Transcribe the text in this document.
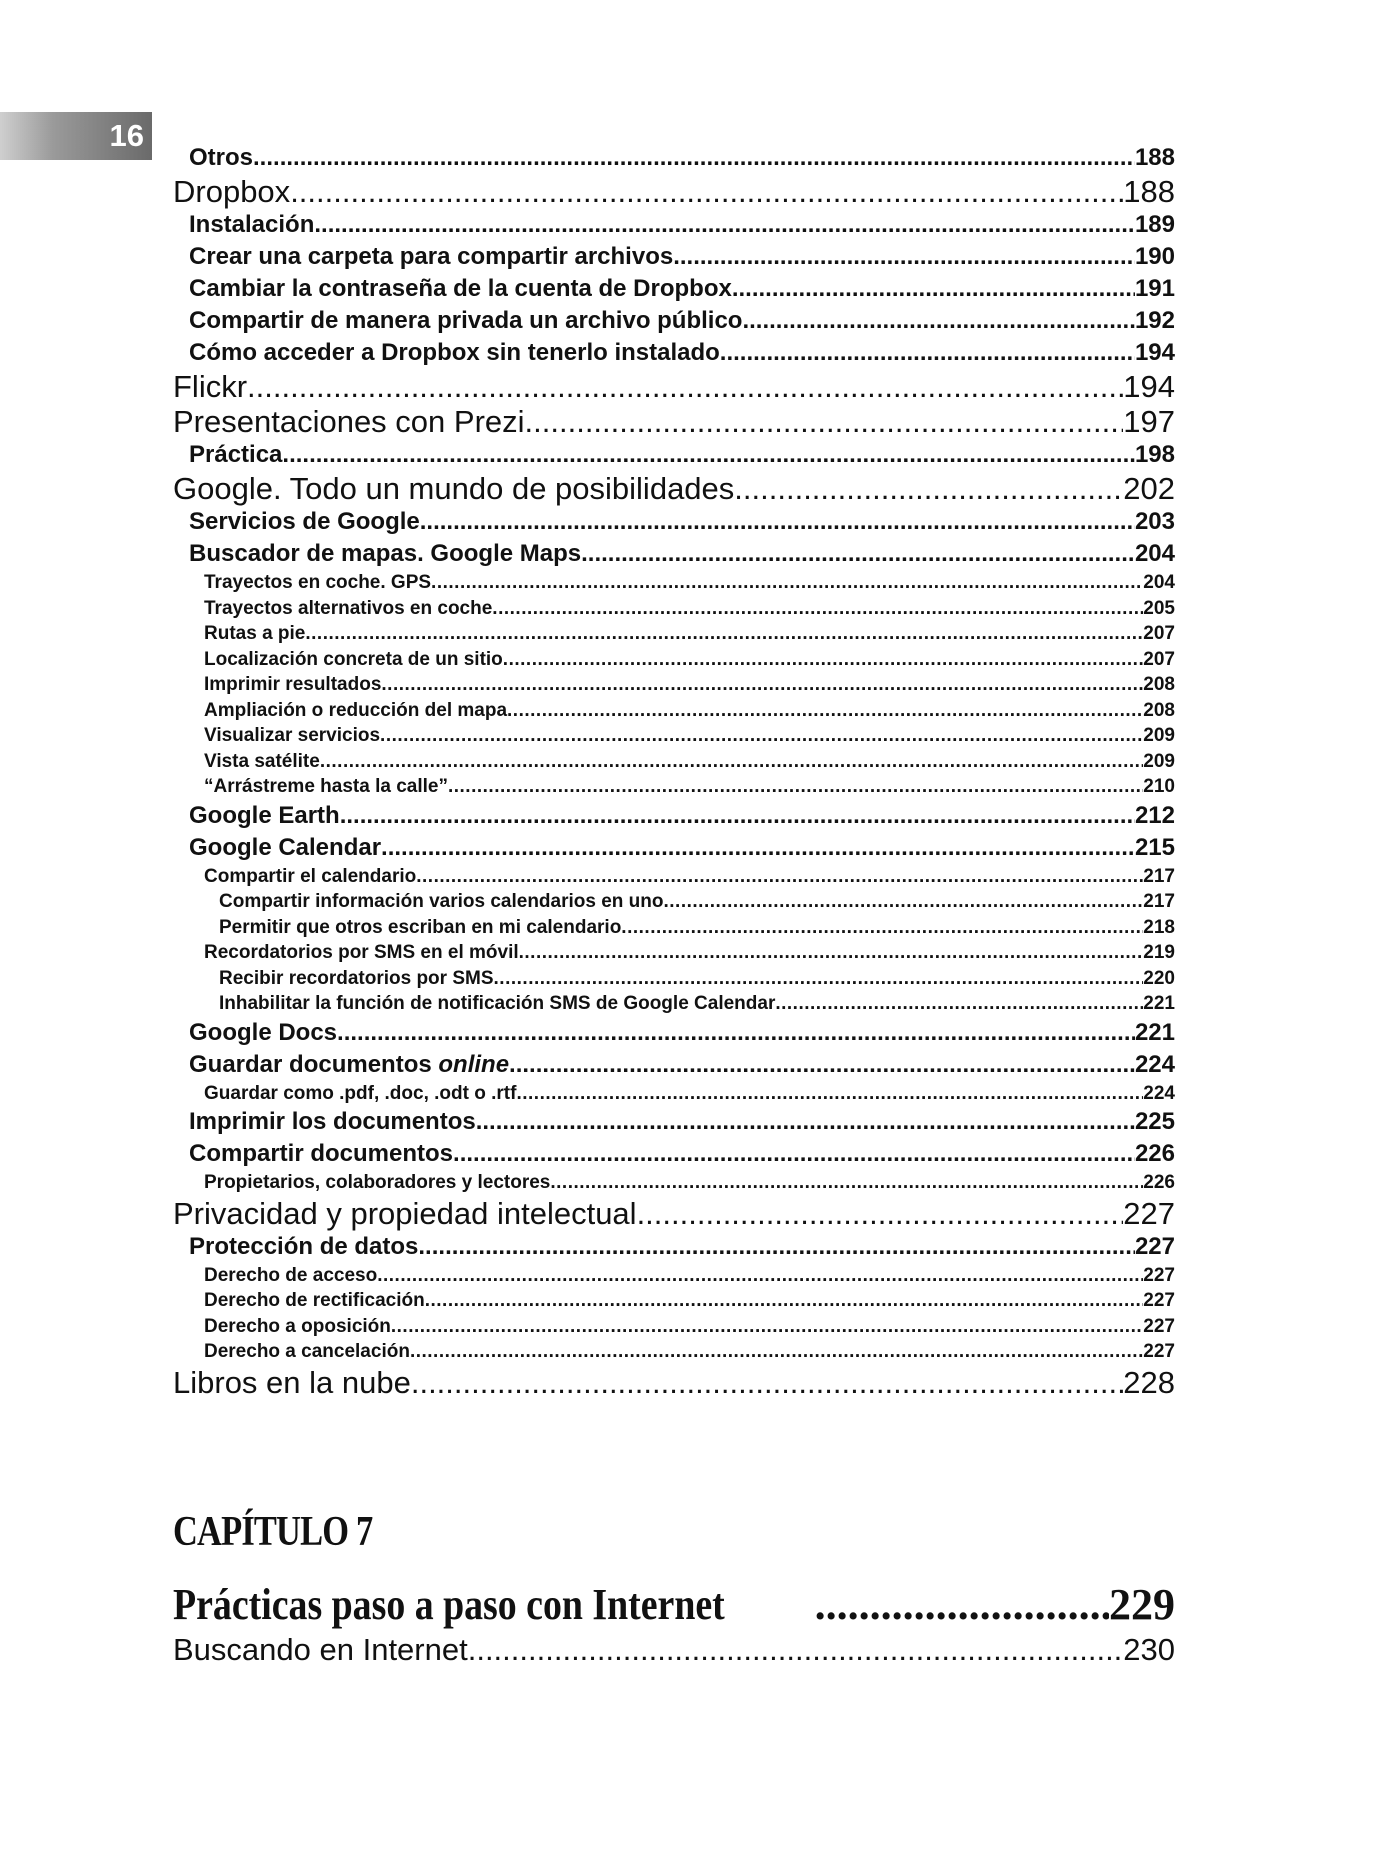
16
Otros .....	188
Dropbox .....	188
Instalación .....	189
Crear una carpeta para compartir archivos .....	190
Cambiar la contraseña de la cuenta de Dropbox .....	191
Compartir de manera privada un archivo público .....	192
Cómo acceder a Dropbox sin tenerlo instalado .....	194
Flickr .....	194
Presentaciones con Prezi .....	197
Práctica .....	198
Google. Todo un mundo de posibilidades .....	202
Servicios de Google .....	203
Buscador de mapas. Google Maps .....	204
Trayectos en coche. GPS .....	204
Trayectos alternativos en coche .....	205
Rutas a pie .....	207
Localización concreta de un sitio .....	207
Imprimir resultados .....	208
Ampliación o reducción del mapa .....	208
Visualizar servicios .....	209
Vista satélite .....	209
“Arrástreme hasta la calle” .....	210
Google Earth .....	212
Google Calendar .....	215
Compartir el calendario .....	217
Compartir información varios calendarios en uno .....	217
Permitir que otros escriban en mi calendario .....	218
Recordatorios por SMS en el móvil .....	219
Recibir recordatorios por SMS .....	220
Inhabilitar la función de notificación SMS de Google Calendar .....	221
Google Docs .....	221
Guardar documentos online .....	224
Guardar como .pdf, .doc, .odt o .rtf .....	224
Imprimir los documentos .....	225
Compartir documentos .....	226
Propietarios, colaboradores y lectores .....	226
Privacidad y propiedad intelectual .....	227
Protección de datos .....	227
Derecho de acceso .....	227
Derecho de rectificación .....	227
Derecho a oposición .....	227
Derecho a cancelación .....	227
Libros en la nube .....	228
CAPÍTULO 7
Prácticas paso a paso con Internet .....	229
Buscando en Internet .....	230
